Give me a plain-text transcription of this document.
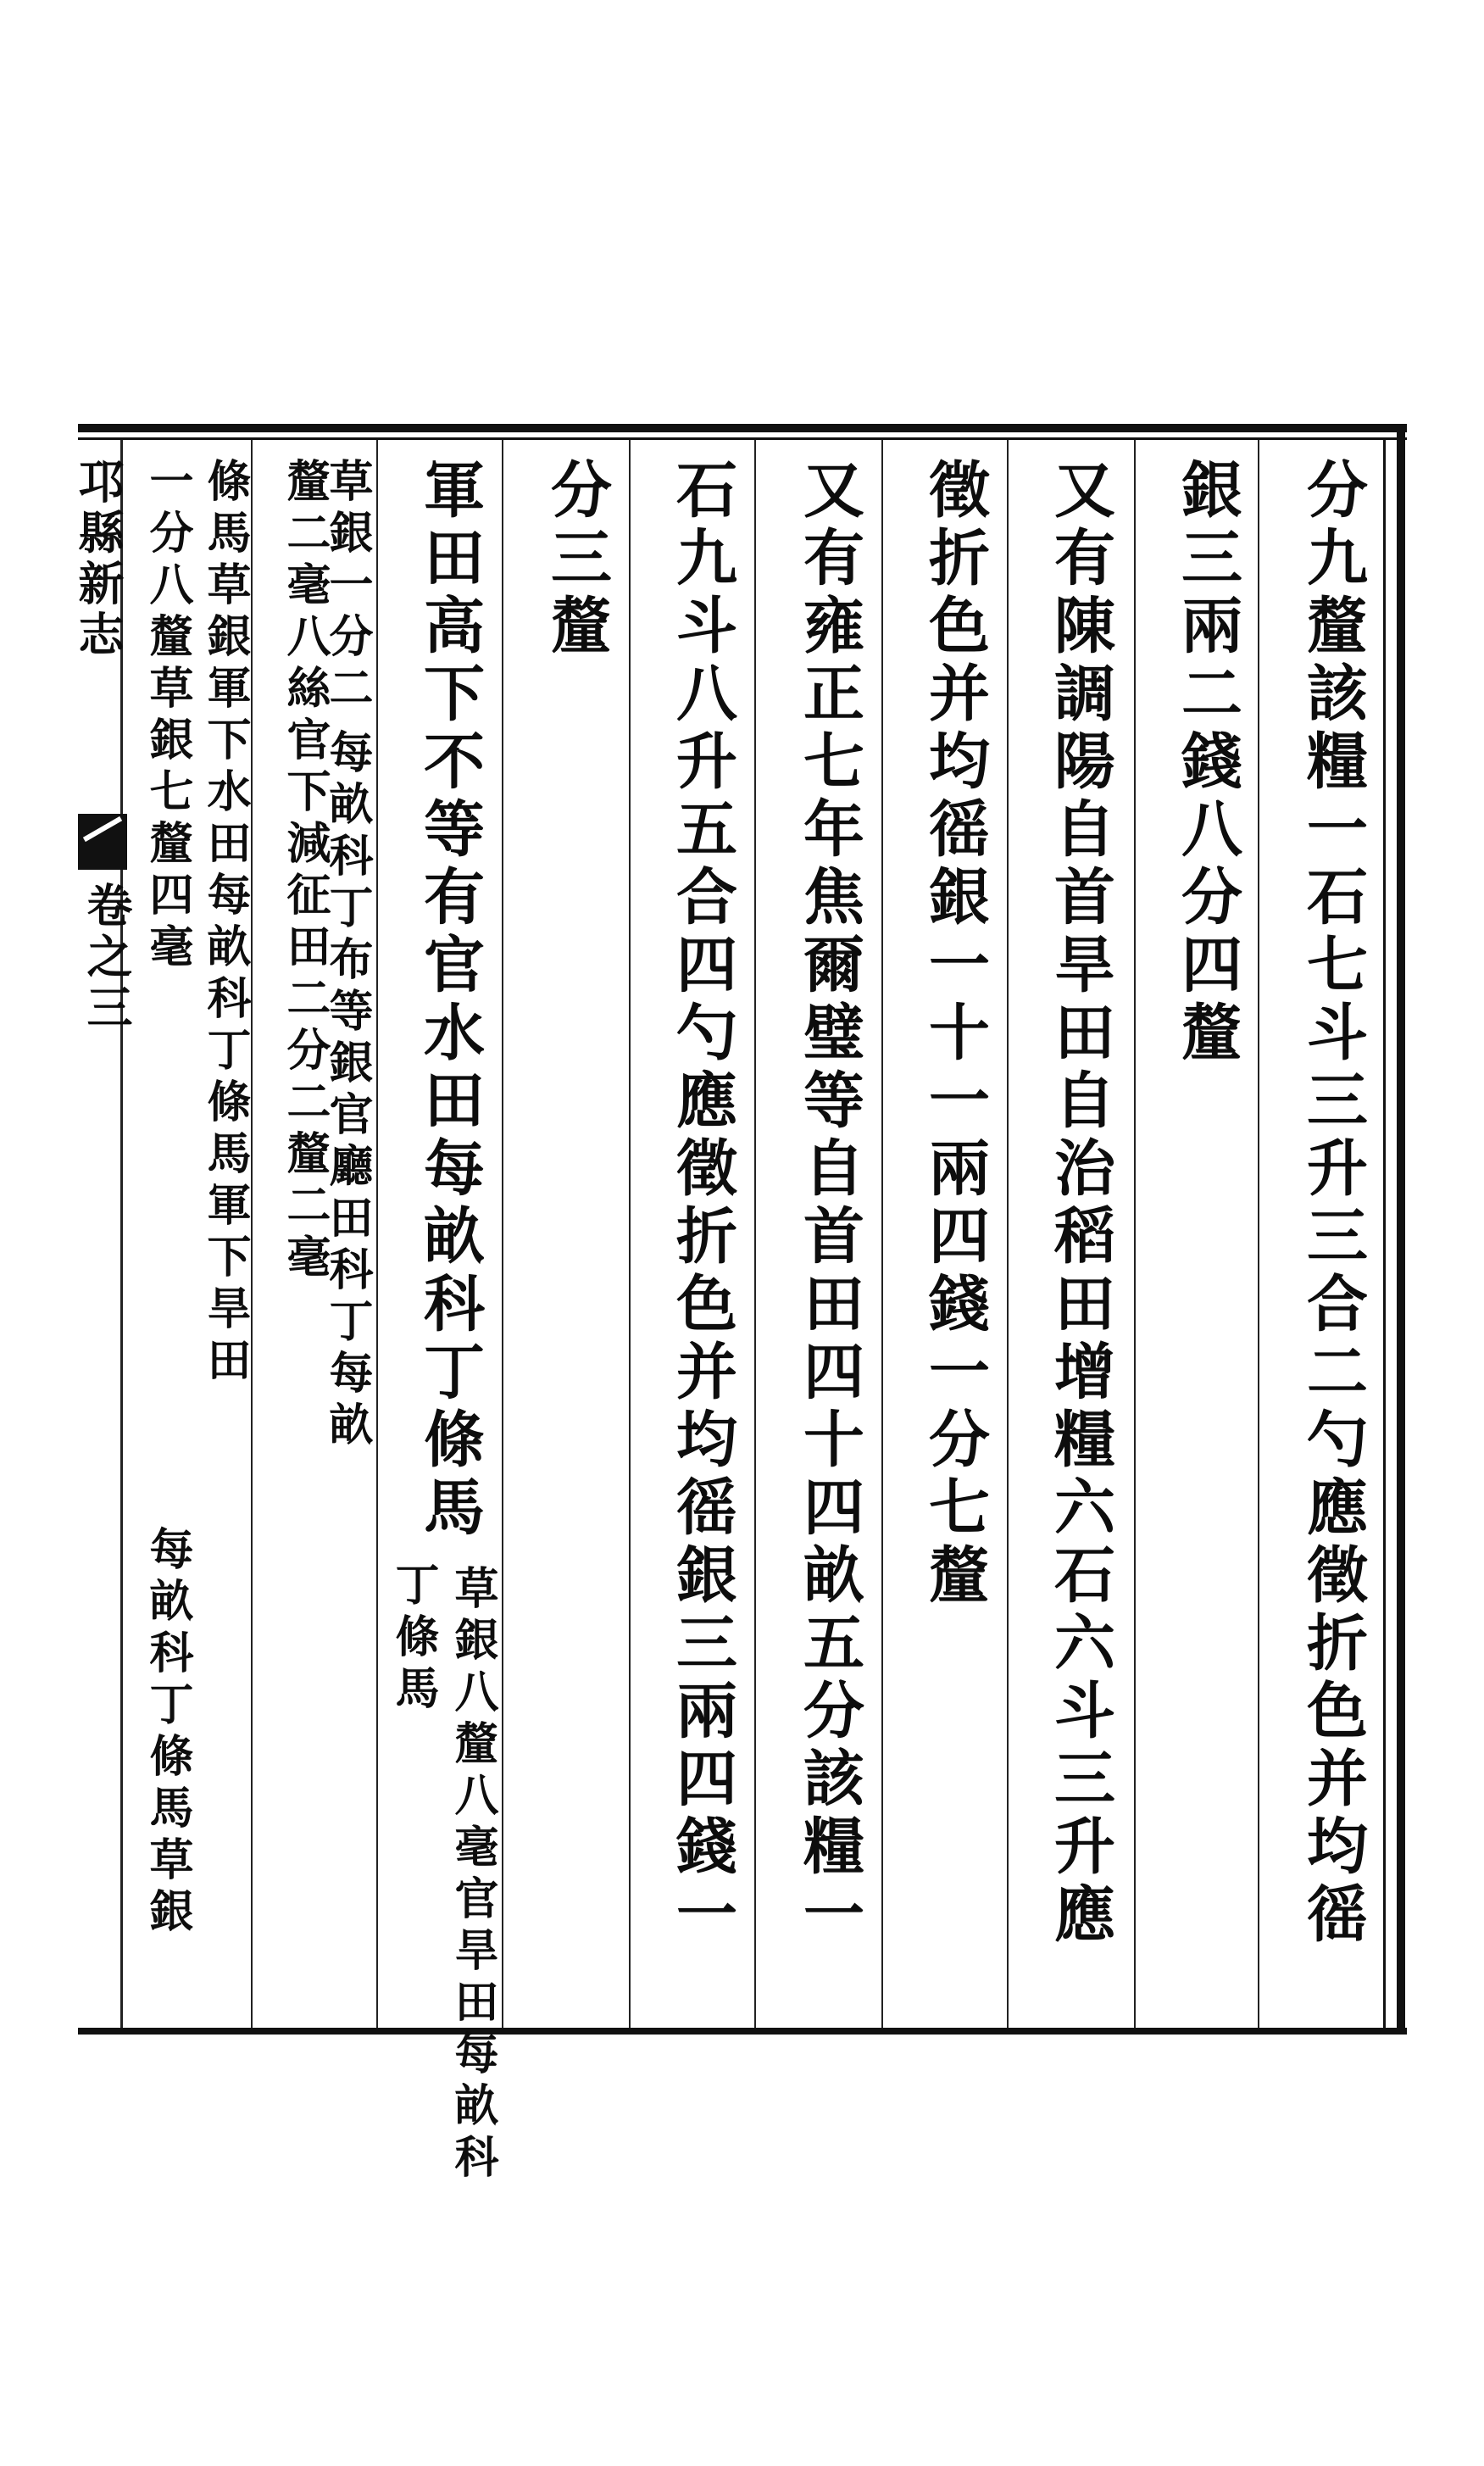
分九釐該糧一石七斗三升三合二勺應徵折色并均徭
銀三兩二錢八分四釐
又有陳調陽自首旱田自治稻田增糧六石六斗三升應
徵折色并均徭銀一十一兩四錢一分七釐
又有雍正七年焦爾璧等自首田四十四畝五分該糧一
石九斗八升五合四勺應徵折色并均徭銀三兩四錢一
分三釐
軍田高下不等有官水田每畝科丁條馬
草銀八釐八毫官旱田每畝科
丁條馬
草銀一分二
釐二毫八絲官下減征田二分二釐二毫
每畝科丁布等銀官廳田科丁每畝
條馬草銀軍下水田每畝科丁條馬軍下旱田
每畝科丁條馬草銀
一分八釐草銀七釐四毫
邛縣新志
卷之三
